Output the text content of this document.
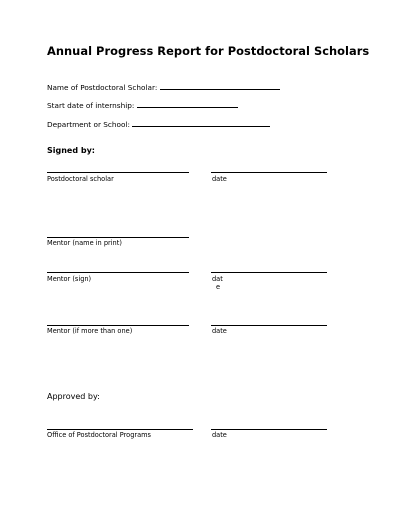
Annual Progress Report for Postdoctoral Scholars
Name of Postdoctoral Scholar:
Start date of internship:
Department or School:
Signed by:
Postdoctoral scholar	date
Mentor (name in print)
Mentor (sign)	dat
e
Mentor (if more than one)	date
Approved by:
Office of Postdoctoral Programs	date
